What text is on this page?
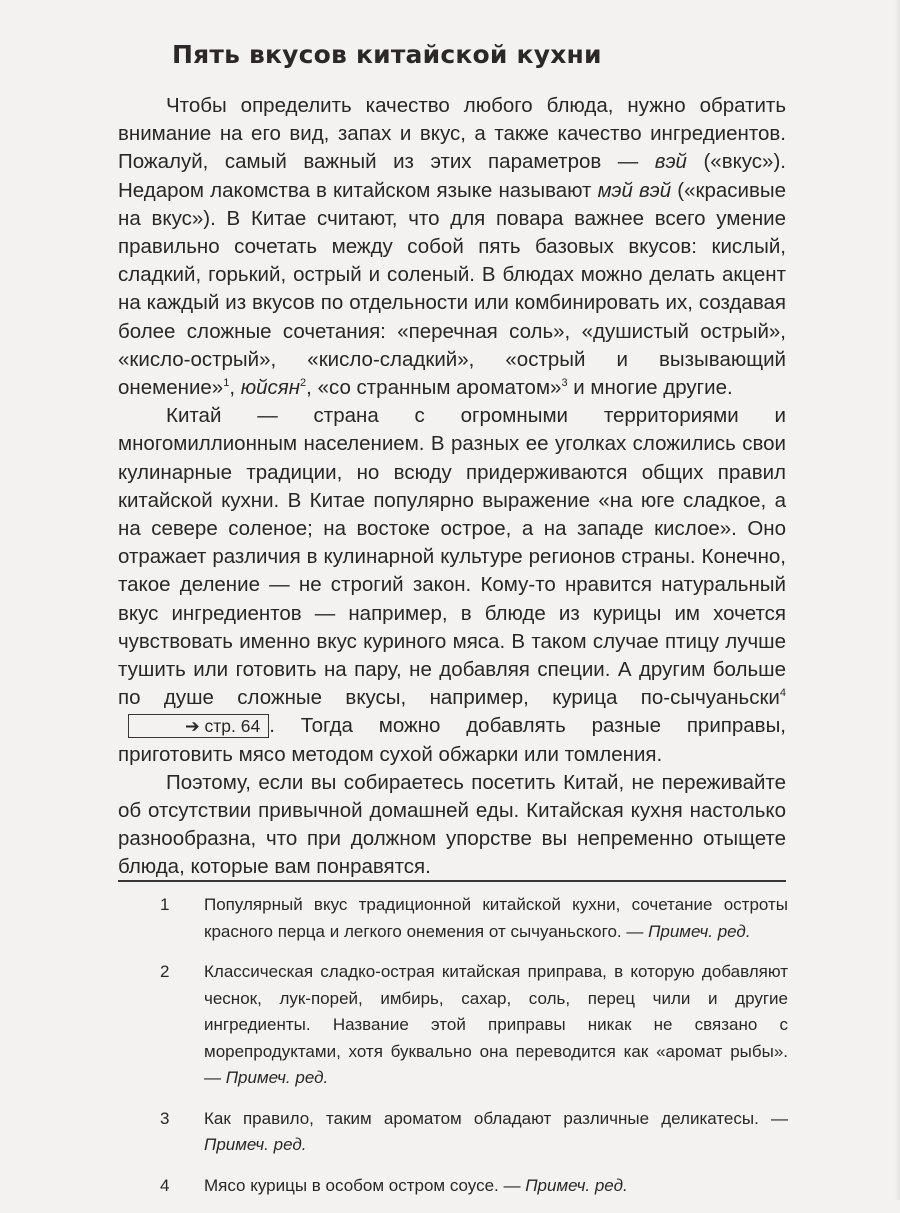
Пять вкусов китайской кухни

Чтобы определить качество любого блюда, нужно обратить внимание на его вид, запах и вкус, а также качество ингредиентов. Пожалуй, самый важный из этих параметров — вэй («вкус»). Недаром лакомства в китайском языке называют мэй вэй («красивые на вкус»). В Китае считают, что для повара важнее всего умение правильно сочетать между собой пять базовых вкусов: кислый, сладкий, горький, острый и соленый. В блюдах можно делать акцент на каждый из вкусов по отдельности или комбинировать их, создавая более сложные сочетания: «перечная соль», «душистый острый», «кисло-острый», «кисло-сладкий», «острый и вызывающий онемение»$^1$, юйсян$^2$, «со странным ароматом»$^3$ и многие другие.

Китай — страна с огромными территориями и многомиллионным населением. В разных ее уголках сложились свои кулинарные традиции, но всюду придерживаются общих правил китайской кухни. В Китае популярно выражение «на юге сладкое, а на севере соленое; на востоке острое, а на западе кислое». Оно отражает различия в кулинарной культуре регионов страны. Конечно, такое деление — не строгий закон. Кому-то нравится натуральный вкус ингредиентов — например, в блюде из курицы им хочется чувствовать именно вкус куриного мяса. В таком случае птицу лучше тушить или готовить на пару, не добавляя специи. А другим больше по душе сложные вкусы, например, курица по-сычуаньски$^4$➔ стр. 64 . Тогда можно добавлять разные приправы, приготовить мясо методом сухой обжарки или томления.

Поэтому, если вы собираетесь посетить Китай, не переживайте об отсутствии привычной домашней еды. Китайская кухня настолько разнообразна, что при должном упорстве вы непременно отыщете блюда, которые вам понравятся.

1	Популярный вкус традиционной китайской кухни, сочетание остроты красного перца и легкого онемения от сычуаньского. — Примеч. ред.
2	Классическая сладко-острая китайская приправа, в которую добавляют чеснок, лук-порей, имбирь, сахар, соль, перец чили и другие ингредиенты. Название этой приправы никак не связано с морепродуктами, хотя буквально она переводится как «аромат рыбы». — Примеч. ред.
3	Как правило, таким ароматом обладают различные деликатесы. — Примеч. ред.
4	Мясо курицы в особом остром соусе. — Примеч. ред.
